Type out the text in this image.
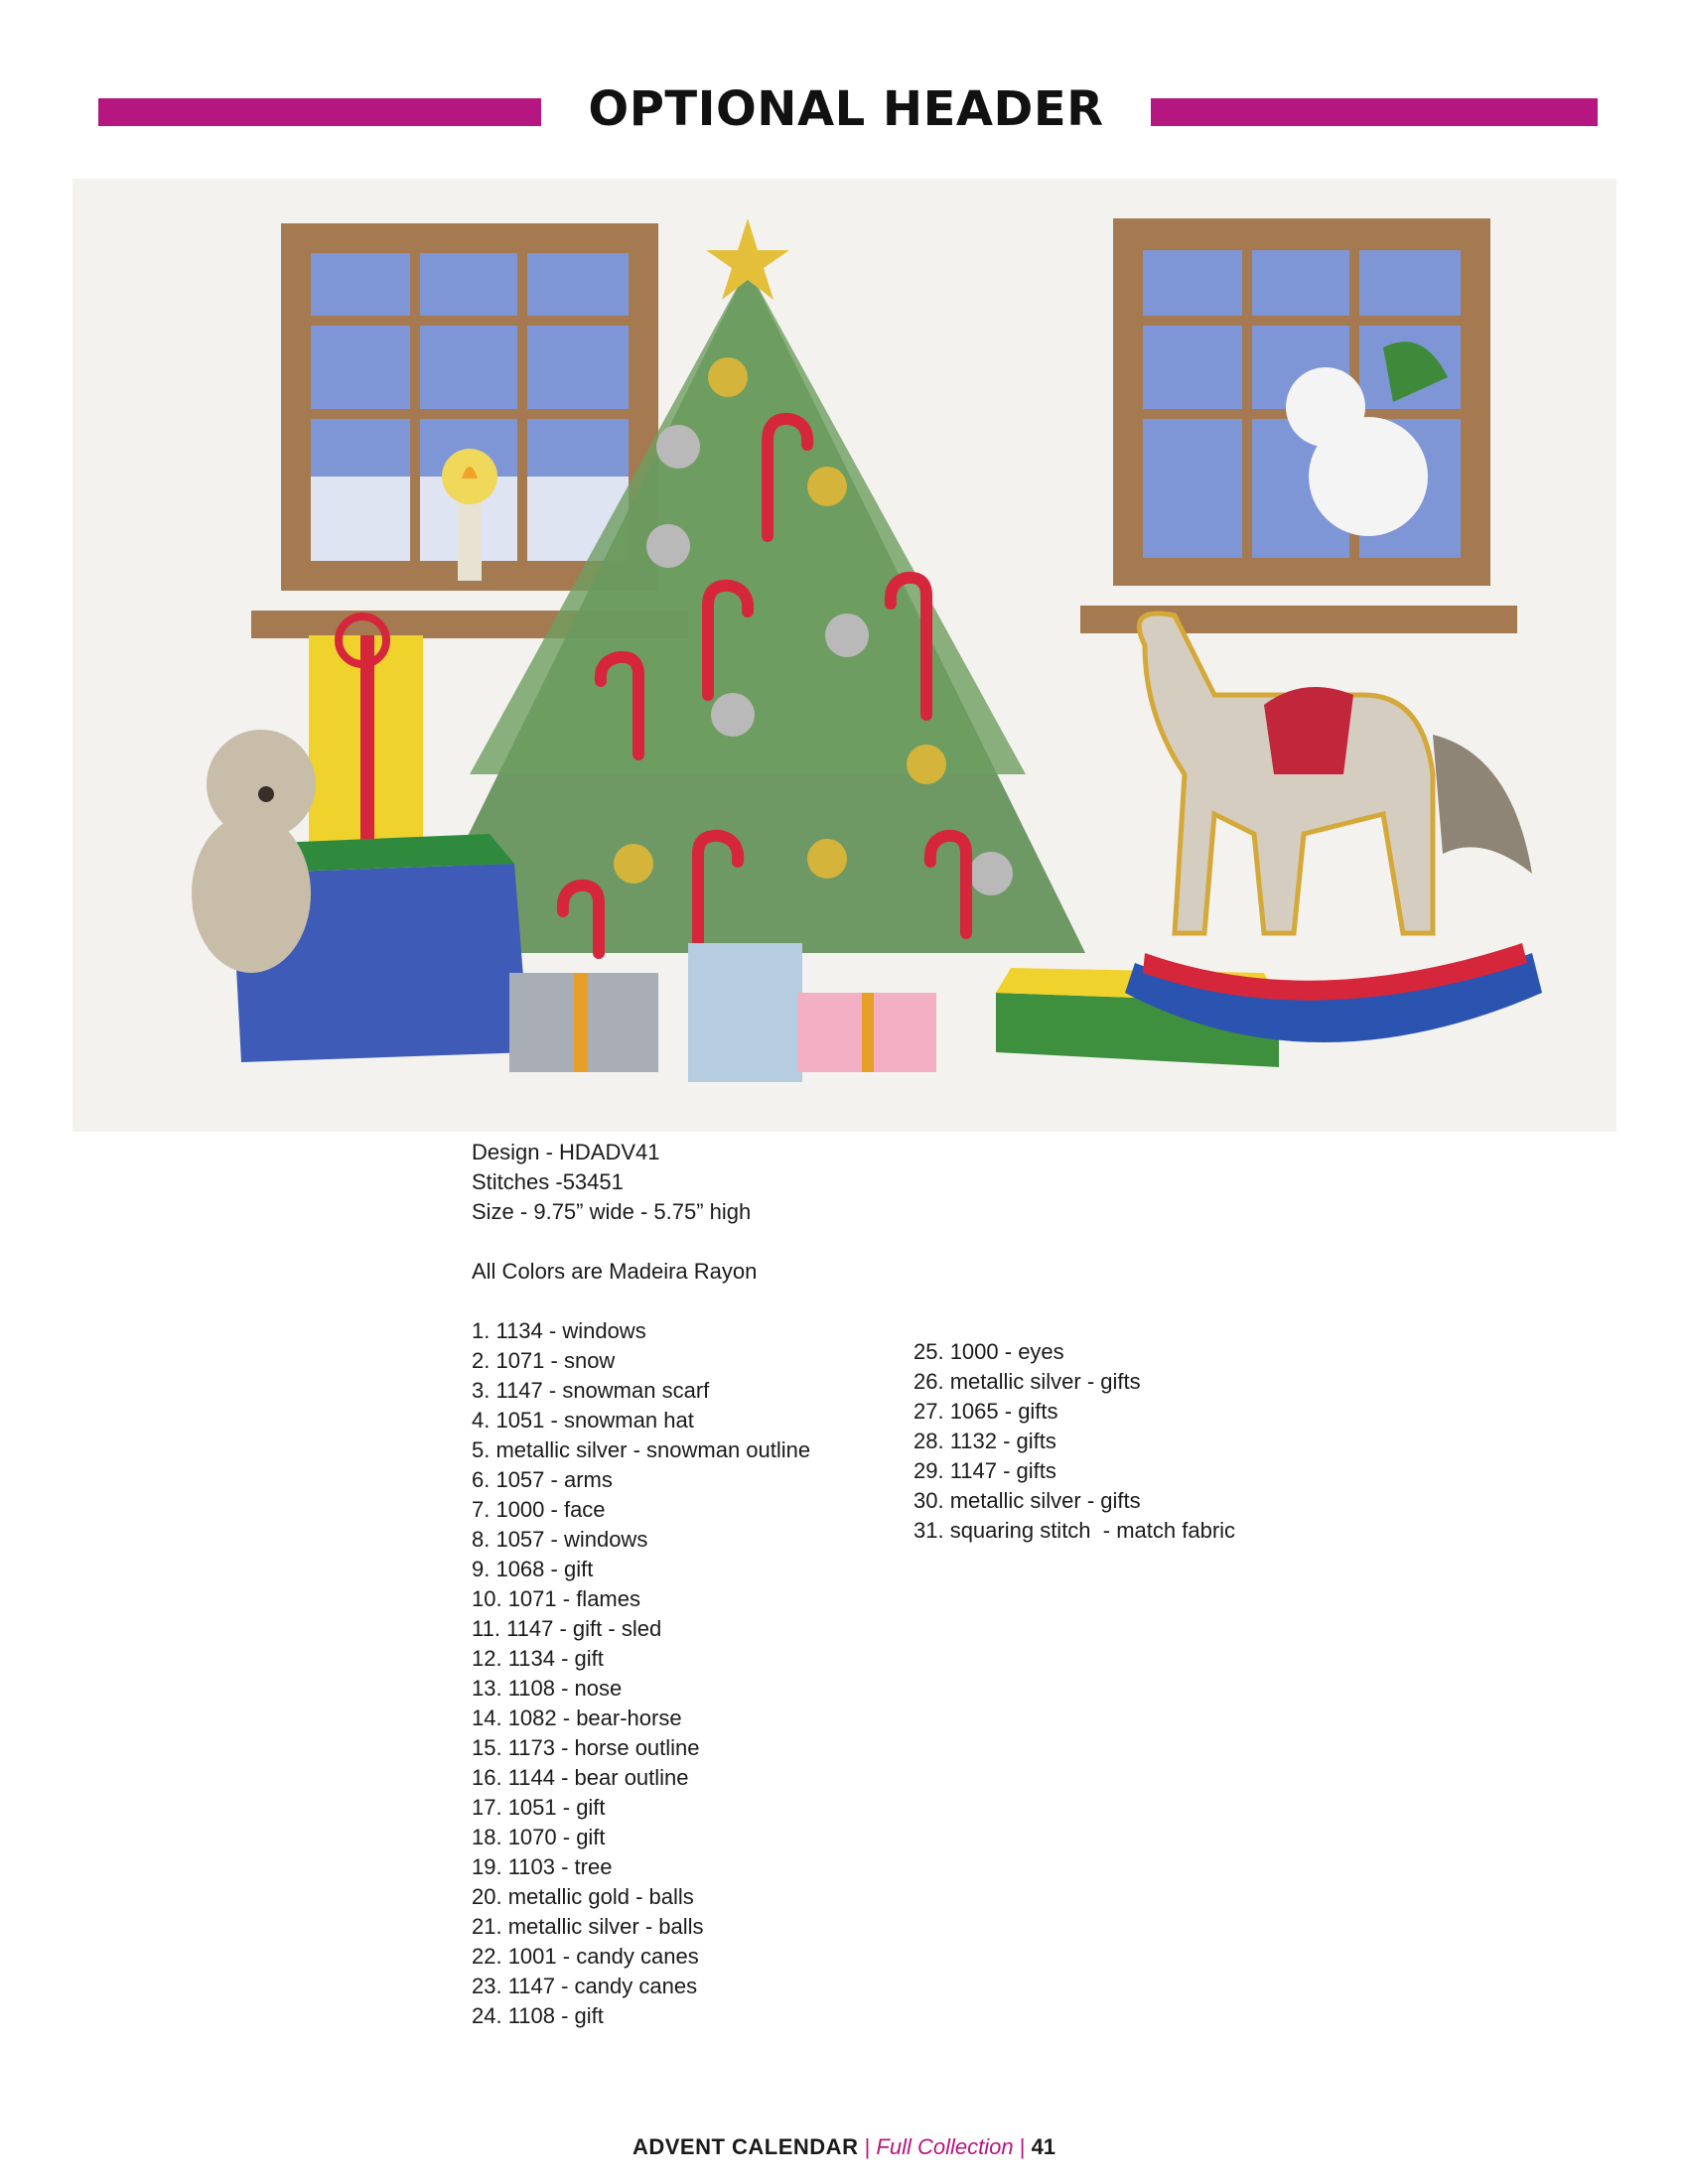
OPTIONAL HEADER

Design - HDADV41

Stitches -53451

Size - 9.75” wide - 5.75” high

All Colors are Madeira Rayon

1. 1134 - windows

2. 1071 - snow

3. 1147 - snowman scarf

4. 1051 - snowman hat

5. metallic silver - snowman outline

6. 1057 - arms

7. 1000 - face

8. 1057 - windows

9. 1068 - gift

10. 1071 - flames

11. 1147 - gift - sled

12. 1134 - gift

13. 1108 - nose

14. 1082 - bear-horse

15. 1173 - horse outline

16. 1144 - bear outline

17. 1051 - gift

18. 1070 - gift

19. 1103 - tree

20. metallic gold - balls

21. metallic silver - balls

22. 1001 - candy canes

23. 1147 - candy canes

24. 1108 - gift

25. 1000 - eyes

26. metallic silver - gifts

27. 1065 - gifts

28. 1132 - gifts

29. 1147 - gifts

30. metallic silver - gifts

31. squaring stitch  - match fabric

ADVENT CALENDAR | Full Collection | 41
